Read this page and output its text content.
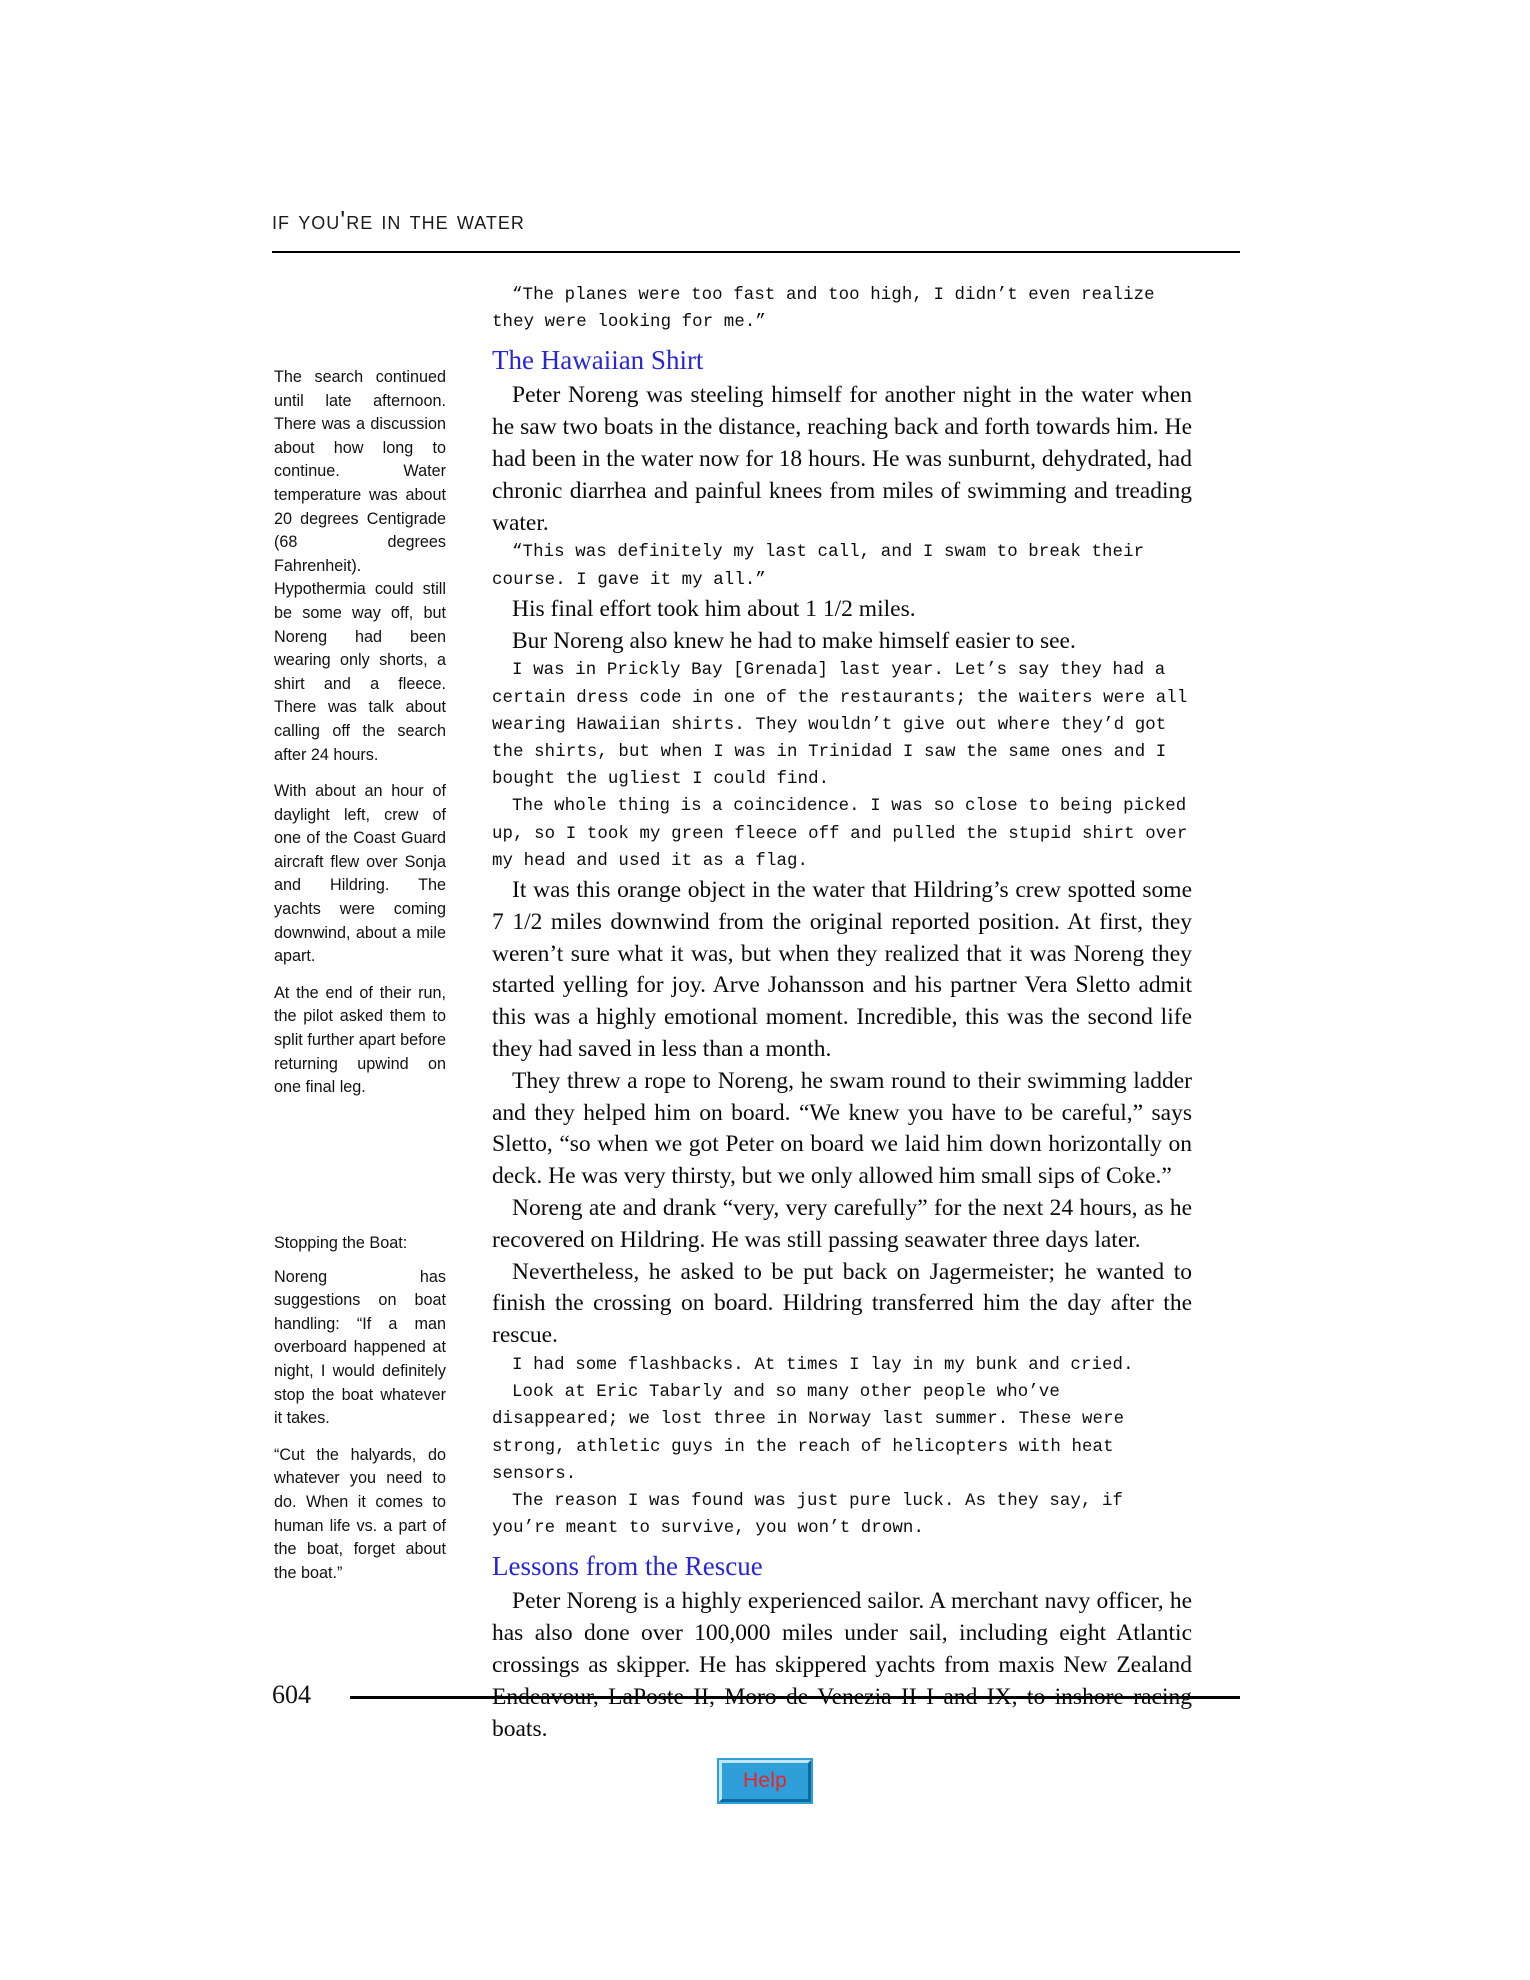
if you're in the water

The search continued until late afternoon. There was a discussion about how long to continue. Water temperature was about 20 degrees Centigrade (68 degrees Fahrenheit). Hypothermia could still be some way off, but Noreng had been wearing only shorts, a shirt and a fleece. There was talk about calling off the search after 24 hours.

With about an hour of daylight left, crew of one of the Coast Guard aircraft flew over Sonja and Hildring. The yachts were coming downwind, about a mile apart.

At the end of their run, the pilot asked them to split further apart before returning upwind on one final leg.

Stopping the Boat:

Noreng has suggestions on boat handling: “If a man overboard happened at night, I would definitely stop the boat whatever it takes.

“Cut the halyards, do whatever you need to do. When it comes to human life vs. a part of the boat, forget about the boat.”

“The planes were too fast and too high, I didn’t even realize they were looking for me.”

The Hawaiian Shirt

Peter Noreng was steeling himself for another night in the water when he saw two boats in the distance, reaching back and forth towards him. He had been in the water now for 18 hours. He was sunburnt, dehydrated, had chronic diarrhea and painful knees from miles of swimming and treading water.

“This was definitely my last call, and I swam to break their course. I gave it my all.”

His final effort took him about 1 1/2 miles.

Bur Noreng also knew he had to make himself easier to see.

I was in Prickly Bay [Grenada] last year. Let’s say they had a certain dress code in one of the restaurants; the waiters were all wearing Hawaiian shirts. They wouldn’t give out where they’d got the shirts, but when I was in Trinidad I saw the same ones and I bought the ugliest I could find.

The whole thing is a coincidence. I was so close to being picked up, so I took my green fleece off and pulled the stupid shirt over my head and used it as a flag.

It was this orange object in the water that Hildring’s crew spotted some 7 1/2 miles downwind from the original reported position. At first, they weren’t sure what it was, but when they realized that it was Noreng they started yelling for joy. Arve Johansson and his partner Vera Sletto admit this was a highly emotional moment. Incredible, this was the second life they had saved in less than a month.

They threw a rope to Noreng, he swam round to their swimming ladder and they helped him on board. “We knew you have to be careful,” says Sletto, “so when we got Peter on board we laid him down horizontally on deck. He was very thirsty, but we only allowed him small sips of Coke.”

Noreng ate and drank “very, very carefully” for the next 24 hours, as he recovered on Hildring. He was still passing seawater three days later.

Nevertheless, he asked to be put back on Jagermeister; he wanted to finish the crossing on board. Hildring transferred him the day after the rescue.

I had some flashbacks. At times I lay in my bunk and cried.

Look at Eric Tabarly and so many other people who’ve disappeared; we lost three in Norway last summer. These were strong, athletic guys in the reach of helicopters with heat sensors.

The reason I was found was just pure luck. As they say, if you’re meant to survive, you won’t drown.

Lessons from the Rescue

Peter Noreng is a highly experienced sailor. A merchant navy officer, he has also done over 100,000 miles under sail, including eight Atlantic crossings as skipper. He has skippered yachts from maxis New Zealand Endeavour, LaPoste II, Moro de Venezia II I and IX, to inshore racing boats.

604
Help
